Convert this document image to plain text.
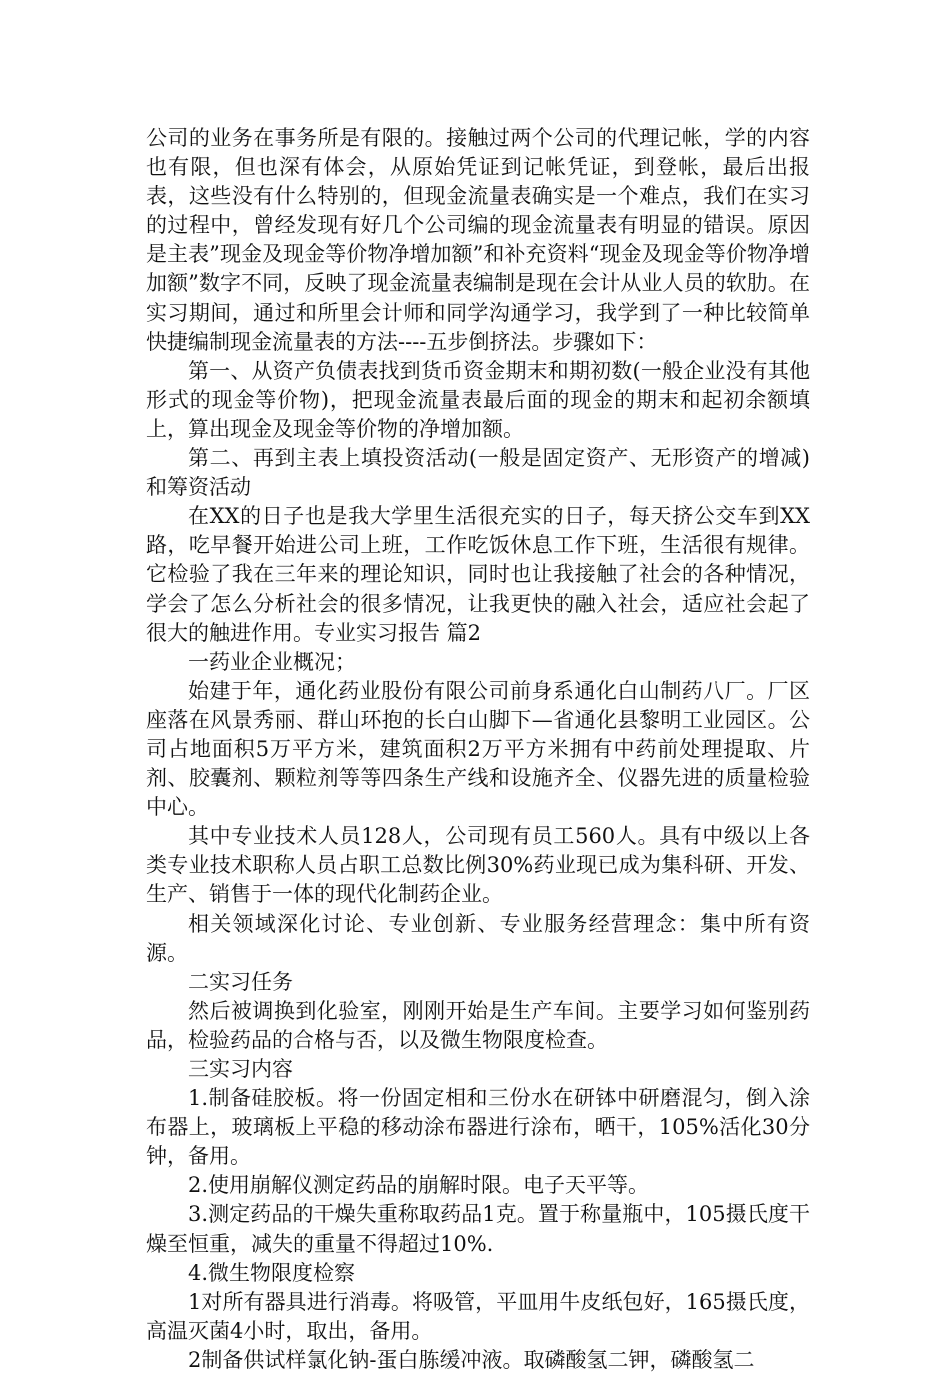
公司的业务在事务所是有限的。接触过两个公司的代理记帐，学的内容也有限，但也深有体会，从原始凭证到记帐凭证，到登帐，最后出报表，这些没有什么特别的，但现金流量表确实是一个难点，我们在实习的过程中，曾经发现有好几个公司编的现金流量表有明显的错误。原因是主表”现金及现金等价物净增加额”和补充资料“现金及现金等价物净增加额”数字不同，反映了现金流量表编制是现在会计从业人员的软肋。在实习期间，通过和所里会计师和同学沟通学习，我学到了一种比较简单快捷编制现金流量表的方法----五步倒挤法。步骤如下：

第一、从资产负债表找到货币资金期末和期初数(一般企业没有其他形式的现金等价物)，把现金流量表最后面的现金的期末和起初余额填上，算出现金及现金等价物的净增加额。

第二、再到主表上填投资活动(一般是固定资产、无形资产的增减)和筹资活动

在XX的日子也是我大学里生活很充实的日子，每天挤公交车到XX路，吃早餐开始进公司上班，工作吃饭休息工作下班，生活很有规律。它检验了我在三年来的理论知识，同时也让我接触了社会的各种情况，学会了怎么分析社会的很多情况，让我更快的融入社会，适应社会起了很大的触进作用。专业实习报告 篇2

一药业企业概况；

始建于年，通化药业股份有限公司前身系通化白山制药八厂。厂区座落在风景秀丽、群山环抱的长白山脚下—省通化县黎明工业园区。公司占地面积5万平方米，建筑面积2万平方米拥有中药前处理提取、片剂、胶囊剂、颗粒剂等等四条生产线和设施齐全、仪器先进的质量检验中心。

其中专业技术人员128人，公司现有员工560人。具有中级以上各类专业技术职称人员占职工总数比例30%药业现已成为集科研、开发、生产、销售于一体的现代化制药企业。

相关领域深化讨论、专业创新、专业服务经营理念：集中所有资源。

二实习任务

然后被调换到化验室，刚刚开始是生产车间。主要学习如何鉴别药品，检验药品的合格与否，以及微生物限度检查。

三实习内容

1.制备硅胶板。将一份固定相和三份水在研钵中研磨混匀，倒入涂布器上，玻璃板上平稳的移动涂布器进行涂布，晒干，105%活化30分钟，备用。

2.使用崩解仪测定药品的崩解时限。电子天平等。

3.测定药品的干燥失重称取药品1克。置于称量瓶中，105摄氏度干燥至恒重，减失的重量不得超过10%.

4.微生物限度检察

1对所有器具进行消毒。将吸管，平皿用牛皮纸包好，165摄氏度，高温灭菌4小时，取出，备用。

2制备供试样氯化钠-蛋白胨缓冲液。取磷酸氢二钾，磷酸氢二
